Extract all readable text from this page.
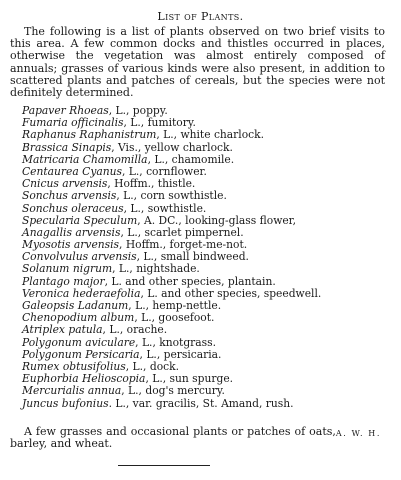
List of Plants.

The following is a list of plants observed on two brief visits to this area. A few common docks and thistles occurred in places, otherwise the vegetation was almost entirely composed of annuals; grasses of various kinds were also present, in addition to scattered plants and patches of cereals, but the species were not definitely determined.

Papaver Rhoeas, L., poppy.
Fumaria officinalis, L., fumitory.
Raphanus Raphanistrum, L., white charlock.
Brassica Sinapis, Vis., yellow charlock.
Matricaria Chamomilla, L., chamomile.
Centaurea Cyanus, L., cornflower.
Cnicus arvensis, Hoffm., thistle.
Sonchus arvensis, L., corn sowthistle.
Sonchus oleraceus, L., sowthistle.
Specularia Speculum, A. DC., looking-glass flower,
Anagallis arvensis, L., scarlet pimpernel.
Myosotis arvensis, Hoffm., forget-me-not.
Convolvulus arvensis, L., small bindweed.
Solanum nigrum, L., nightshade.
Plantago major, L. and other species, plantain.
Veronica hederaefolia, L. and other species, speedwell.
Galeopsis Ladanum, L., hemp-nettle.
Chenopodium album, L., goosefoot.
Atriplex patula, L., orache.
Polygonum aviculare, L., knotgrass.
Polygonum Persicaria, L., persicaria.
Rumex obtusifolius, L., dock.
Euphorbia Helioscopia, L., sun spurge.
Mercurialis annua, L., dog's mercury.
Juncus bufonius. L., var. gracilis, St. Amand, rush.

A. W. H.
A few grasses and occasional plants or patches of oats, barley, and wheat.
